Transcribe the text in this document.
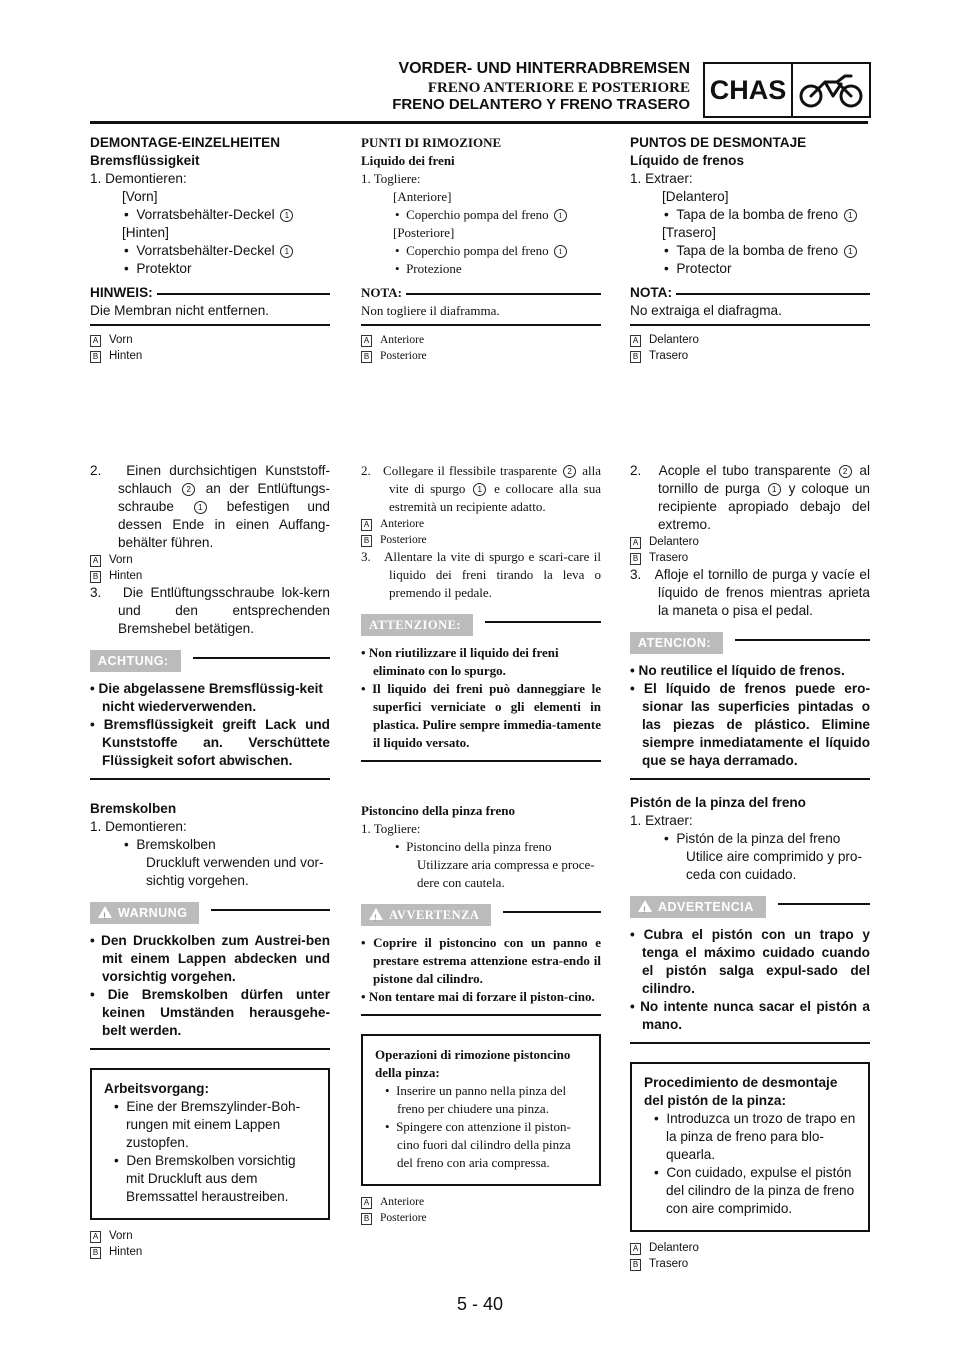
VORDER- UND HINTERRADBREMSEN
FRENO ANTERIORE E POSTERIORE
FRENO DELANTERO Y FRENO TRASERO CHAS

DEMONTAGE-EINZELHEITEN

Bremsflüssigkeit

1. Demontieren:

[Vorn]

•  Vorratsbehälter-Deckel 1

[Hinten]

•  Vorratsbehälter-Deckel 1

•  Protektor

HINWEIS:

Die Membran nicht entfernen.

A Vorn

B Hinten

PUNTI DI RIMOZIONE

Liquido dei freni

1. Togliere:

[Anteriore]

•  Coperchio pompa del freno 1

[Posteriore]

•  Coperchio pompa del freno 1

•  Protezione

NOTA:

Non togliere il diaframma.

A Anteriore

B Posteriore

PUNTOS DE DESMONTAJE

Líquido de frenos

1. Extraer:

[Delantero]

•  Tapa de la bomba de freno 1

[Trasero]

•  Tapa de la bomba de freno 1

•  Protector

NOTA:

No extraiga el diafragma.

A Delantero

B Trasero

2.   Einen durchsichtigen Kunststoff-schlauch 2 an der Entlüftungs-schraube	1 befestigen und dessen Ende in einen Auffang-behälter führen.

A Vorn

B Hinten

3.   Die Entlüftungsschraube lok-kern und den entsprechenden Bremshebel betätigen.

ACHTUNG:

• Die abgelassene Bremsflüssig-keit nicht wiederverwenden.

• Bremsflüssigkeit greift Lack und Kunststoffe an. Verschüttete Flüssigkeit sofort abwischen.

Bremskolben

1. Demontieren:

•  Bremskolben

Druckluft verwenden und vor-sichtig vorgehen.

!WARNUNG

• Den Druckkolben zum Austrei-ben mit einem Lappen abdecken und vorsichtig vorgehen.

• Die Bremskolben dürfen unter keinen Umständen herausgehe-belt werden.

Arbeitsvorgang:

•  Eine der Bremszylinder-Boh-rungen mit einem Lappen zustopfen.

•  Den Bremskolben vorsichtig mit Druckluft aus dem Bremssattel heraustreiben.

A Vorn

B Hinten

2.   Collegare il flessibile trasparente 2 alla vite di spurgo 1 e collocare alla sua estremità un recipiente adatto.

A Anteriore

B Posteriore

3.   Allentare la vite di spurgo e scari-care il liquido dei freni tirando la leva o premendo il pedale.

ATTENZIONE:

• Non riutilizzare il liquido dei freni eliminato con lo spurgo.

• Il liquido dei freni può danneggiare le superfici verniciate o gli elementi in plastica. Pulire sempre immedia-tamente il liquido versato.

Pistoncino della pinza freno

1. Togliere:

•  Pistoncino della pinza freno

Utilizzare aria compressa e proce-dere con cautela.

!AVVERTENZA

• Coprire il pistoncino con un panno e prestare estrema attenzione estra-endo il pistone dal cilindro.

• Non tentare mai di forzare il piston-cino.

Operazioni di rimozione pistoncino della pinza:

•  Inserire un panno nella pinza del freno per chiudere una pinza.

•  Spingere con attenzione il piston-cino fuori dal cilindro della pinza del freno con aria compressa.

A Anteriore

B Posteriore

2.   Acople el tubo transparente 2 al tornillo de purga 1 y coloque un recipiente apropiado debajo del extremo.

A Delantero

B Trasero

3.   Afloje el tornillo de purga y vacíe el líquido de frenos mientras aprieta la maneta o pisa el pedal.

ATENCION:

• No reutilice el líquido de frenos.

• El líquido de frenos puede ero-sionar las superficies pintadas o las piezas de plástico. Elimine siempre inmediatamente el líquido que se haya derramado.

Pistón de la pinza del freno

1. Extraer:

•  Pistón de la pinza del freno

Utilice aire comprimido y pro-ceda con cuidado.

!ADVERTENCIA

• Cubra el pistón con un trapo y tenga el máximo cuidado cuando el pistón salga expul-sado del cilindro.

• No intente nunca sacar el pistón a mano.

Procedimiento de desmontaje del pistón de la pinza:

•  Introduzca un trozo de trapo en la pinza de freno para blo-quearla.

•  Con cuidado, expulse el pistón del cilindro de la pinza de freno con aire comprimido.

A Delantero

B Trasero

5 - 40
